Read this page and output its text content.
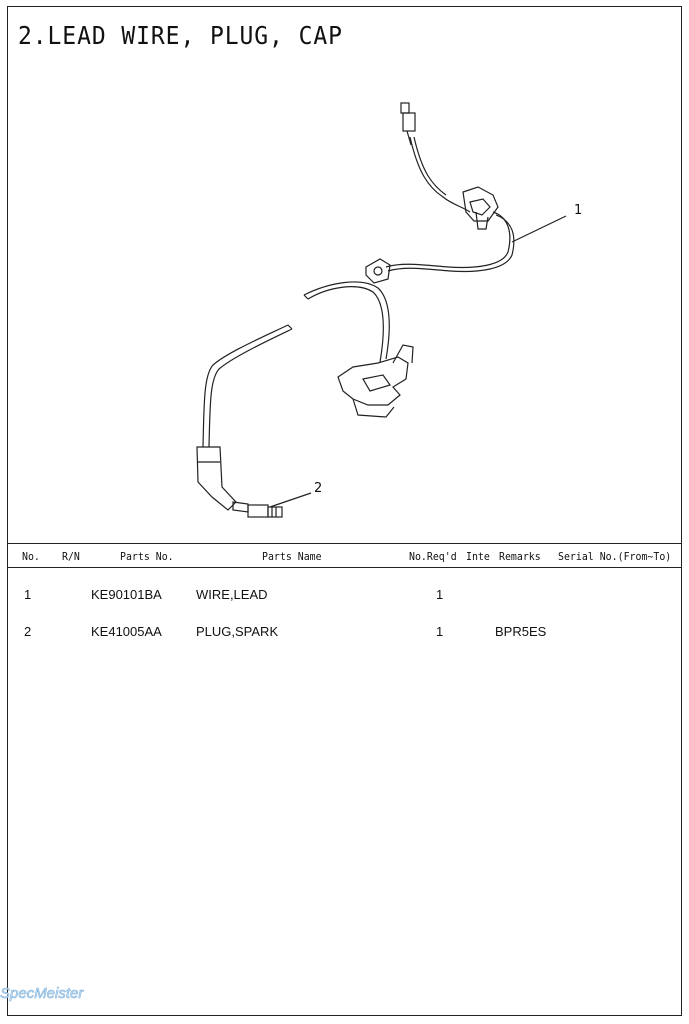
2.LEAD WIRE, PLUG, CAP
1
2
No. R/N	Parts No.	Parts Name	No.Req'd Inte Remarks Serial No.(From~To)
1	KE90101BA	WIRE,LEAD	1
2	KE41005AA	PLUG,SPARK	1	BPR5ES
SpecMeister
